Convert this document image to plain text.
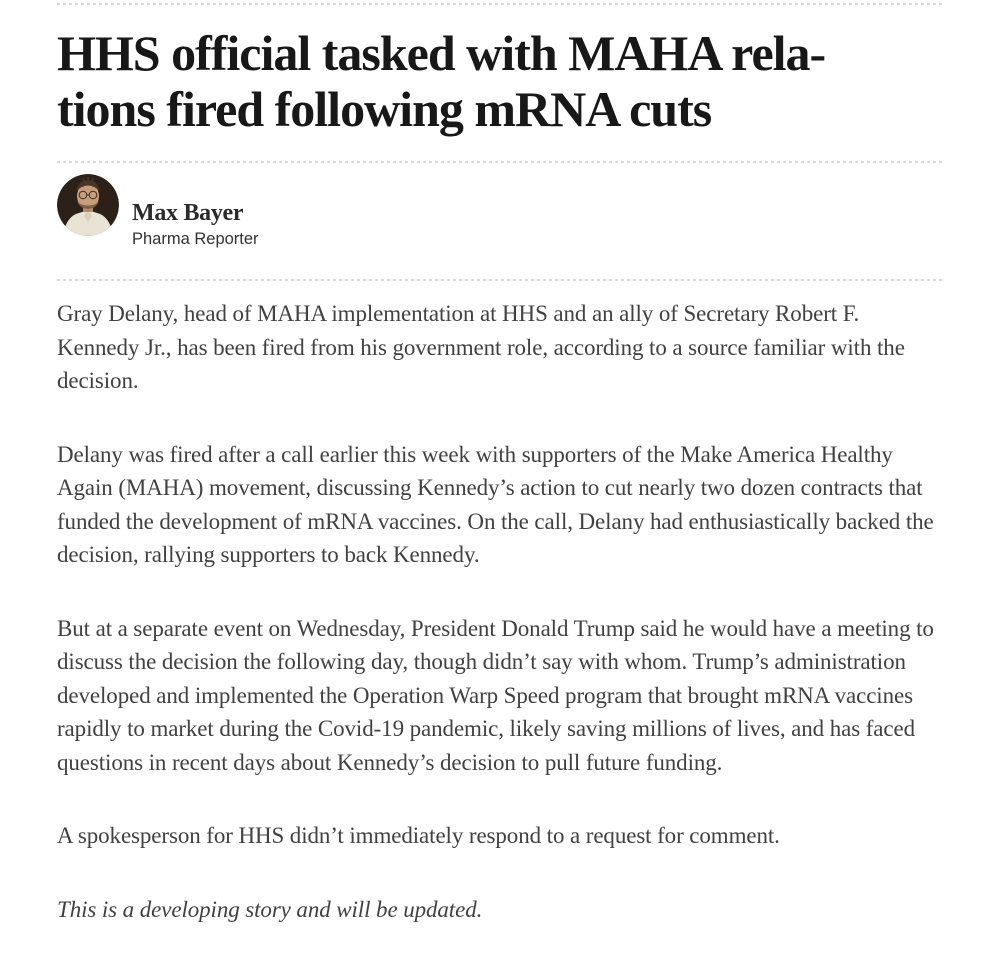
HHS official tasked with MAHA rela-
tions fired following mRNA cuts
Max Bayer
Pharma Reporter

Gray Delany, head of MAHA implementation at HHS and an ally of Secretary Robert F. Kennedy Jr., has been fired from his government role, according to a source familiar with the decision.

Delany was fired after a call earlier this week with supporters of the Make America Healthy Again (MAHA) movement, discussing Kennedy’s action to cut nearly two dozen contracts that funded the development of mRNA vaccines. On the call, Delany had enthusiastically backed the decision, rallying supporters to back Kennedy.

But at a separate event on Wednesday, President Donald Trump said he would have a meeting to discuss the decision the following day, though didn’t say with whom. Trump’s administration developed and implemented the Operation Warp Speed program that brought mRNA vaccines rapidly to market during the Covid-19 pandemic, likely saving millions of lives, and has faced questions in recent days about Kennedy’s decision to pull future funding.

A spokesperson for HHS didn’t immediately respond to a request for comment.

This is a developing story and will be updated.
